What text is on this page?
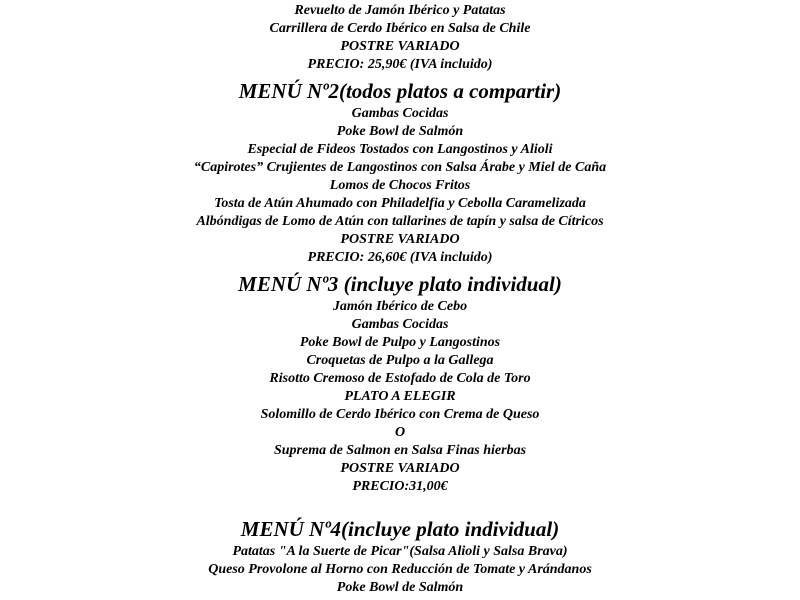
Revuelto de Jamón Ibérico y Patatas
Carrillera de Cerdo Ibérico en Salsa de Chile
POSTRE VARIADO
PRECIO: 25,90€ (IVA incluido)
MENÚ Nº2(todos platos a compartir)
Gambas Cocidas
Poke Bowl de Salmón
Especial de Fideos Tostados con Langostinos y Alioli
“Capirotes” Crujientes de Langostinos con Salsa Árabe y Miel de Caña
Lomos de Chocos Fritos
Tosta de Atún Ahumado con Philadelfia y Cebolla Caramelizada
Albóndigas de Lomo de Atún con tallarines de tapín y salsa de Cítricos
POSTRE VARIADO
PRECIO: 26,60€ (IVA incluido)
MENÚ Nº3 (incluye plato individual)
Jamón Ibérico de Cebo
Gambas Cocidas
Poke Bowl de Pulpo y Langostinos
Croquetas de Pulpo a la Gallega
Risotto Cremoso de Estofado de Cola de Toro
PLATO A ELEGIR
Solomillo de Cerdo Ibérico con Crema de Queso
O
Suprema de Salmon en Salsa Finas hierbas
POSTRE VARIADO
PRECIO:31,00€
MENÚ Nº4(incluye plato individual)
Patatas "A la Suerte de Picar"(Salsa Alioli y Salsa Brava)
Queso Provolone al Horno con Reducción de Tomate y Arándanos
Poke Bowl de Salmón
